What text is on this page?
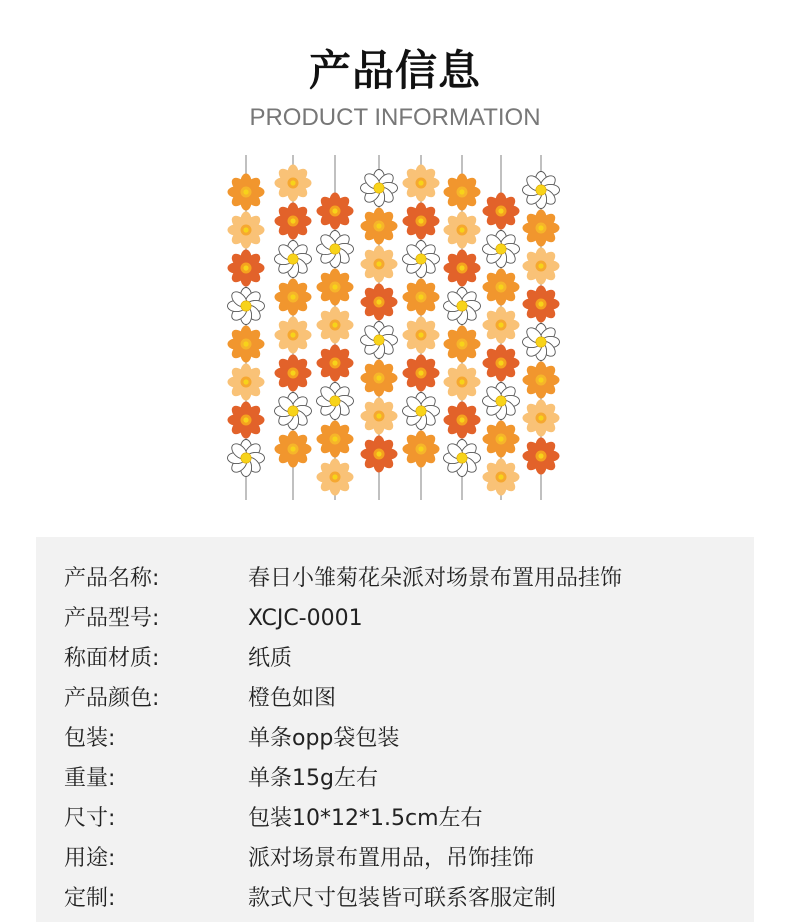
产品信息
PRODUCT INFORMATION
产品名称:	春日小雏菊花朵派对场景布置用品挂饰
产品型号:	XCJC-0001
称面材质:	纸质
产品颜色:	橙色如图
包装:	单条opp袋包装
重量:	单条15g左右
尺寸:	包装10*12*1.5cm左右
用途:	派对场景布置用品，吊饰挂饰
定制:	款式尺寸包装皆可联系客服定制
